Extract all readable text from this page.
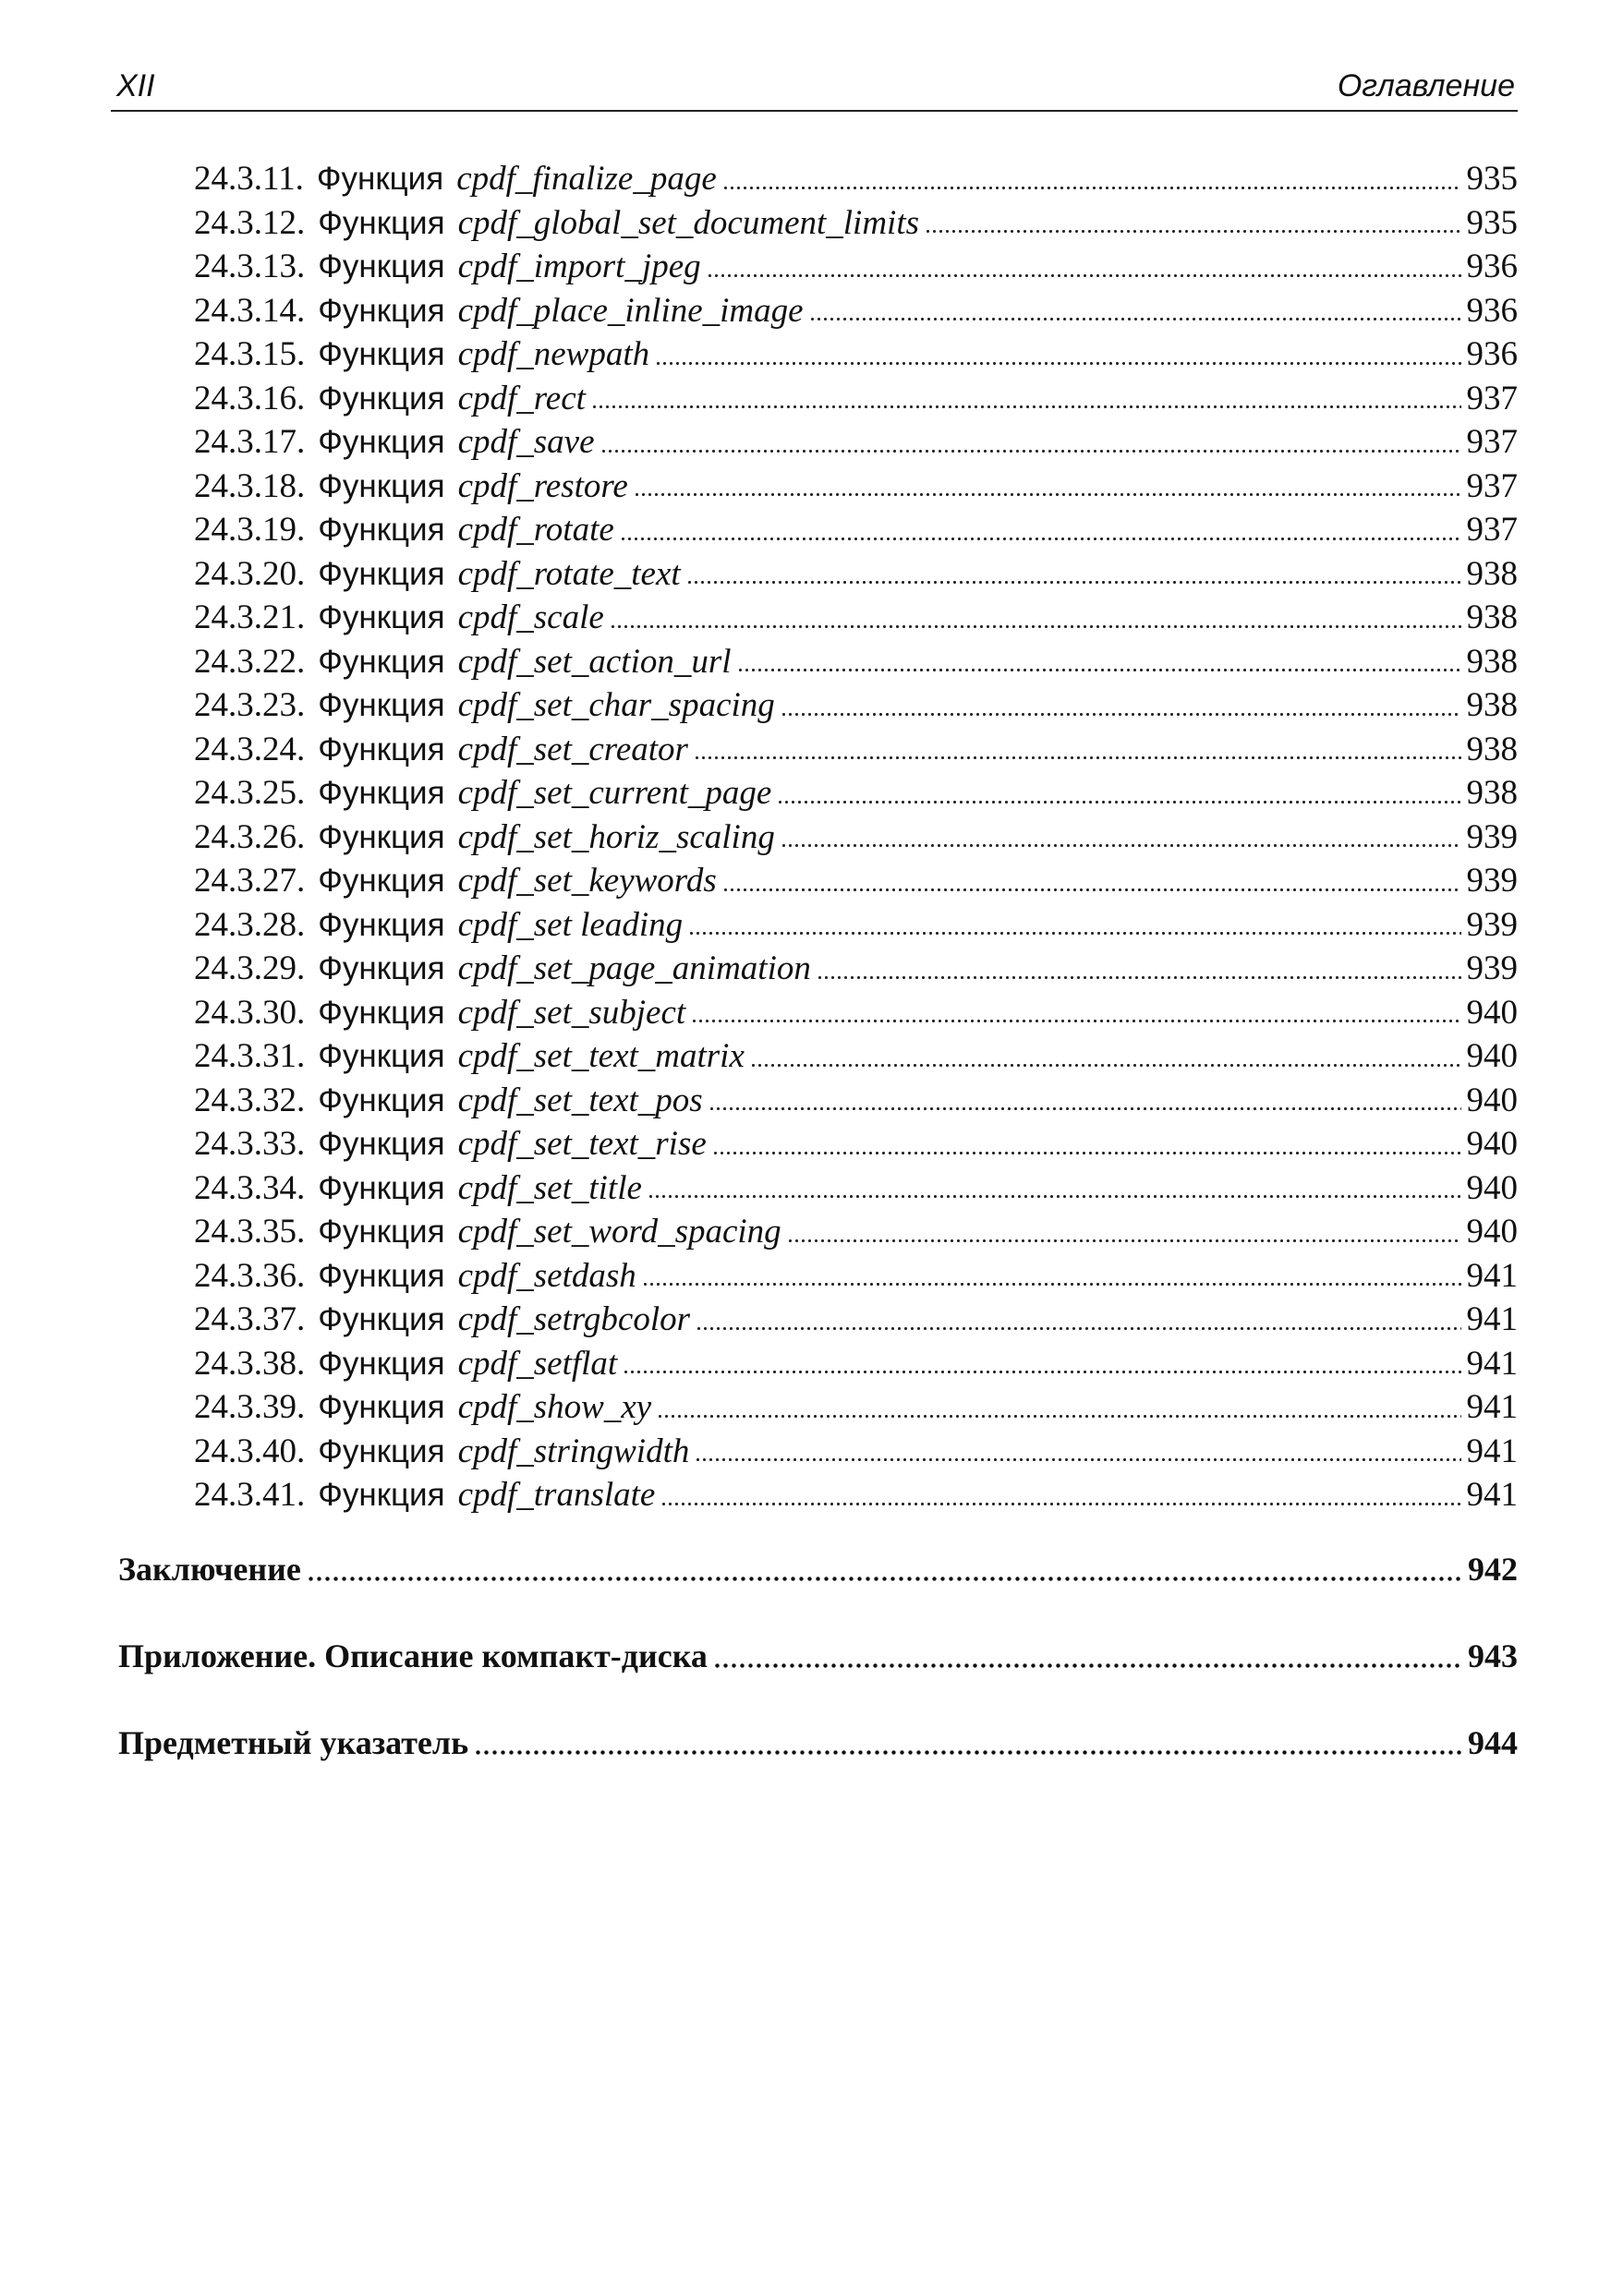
XII	Оглавление
24.3.11. Функция cpdf_finalize_page	935
24.3.12. Функция cpdf_global_set_document_limits	935
24.3.13. Функция cpdf_import_jpeg	936
24.3.14. Функция cpdf_place_inline_image	936
24.3.15. Функция cpdf_newpath	936
24.3.16. Функция cpdf_rect	937
24.3.17. Функция cpdf_save	937
24.3.18. Функция cpdf_restore	937
24.3.19. Функция cpdf_rotate	937
24.3.20. Функция cpdf_rotate_text	938
24.3.21. Функция cpdf_scale	938
24.3.22. Функция cpdf_set_action_url	938
24.3.23. Функция cpdf_set_char_spacing	938
24.3.24. Функция cpdf_set_creator	938
24.3.25. Функция cpdf_set_current_page	938
24.3.26. Функция cpdf_set_horiz_scaling	939
24.3.27. Функция cpdf_set_keywords	939
24.3.28. Функция cpdf_set leading	939
24.3.29. Функция cpdf_set_page_animation	939
24.3.30. Функция cpdf_set_subject	940
24.3.31. Функция cpdf_set_text_matrix	940
24.3.32. Функция cpdf_set_text_pos	940
24.3.33. Функция cpdf_set_text_rise	940
24.3.34. Функция cpdf_set_title	940
24.3.35. Функция cpdf_set_word_spacing	940
24.3.36. Функция cpdf_setdash	941
24.3.37. Функция cpdf_setrgbcolor	941
24.3.38. Функция cpdf_setflat	941
24.3.39. Функция cpdf_show_xy	941
24.3.40. Функция cpdf_stringwidth	941
24.3.41. Функция cpdf_translate	941
Заключение	942
Приложение. Описание компакт-диска	943
Предметный указатель	944
